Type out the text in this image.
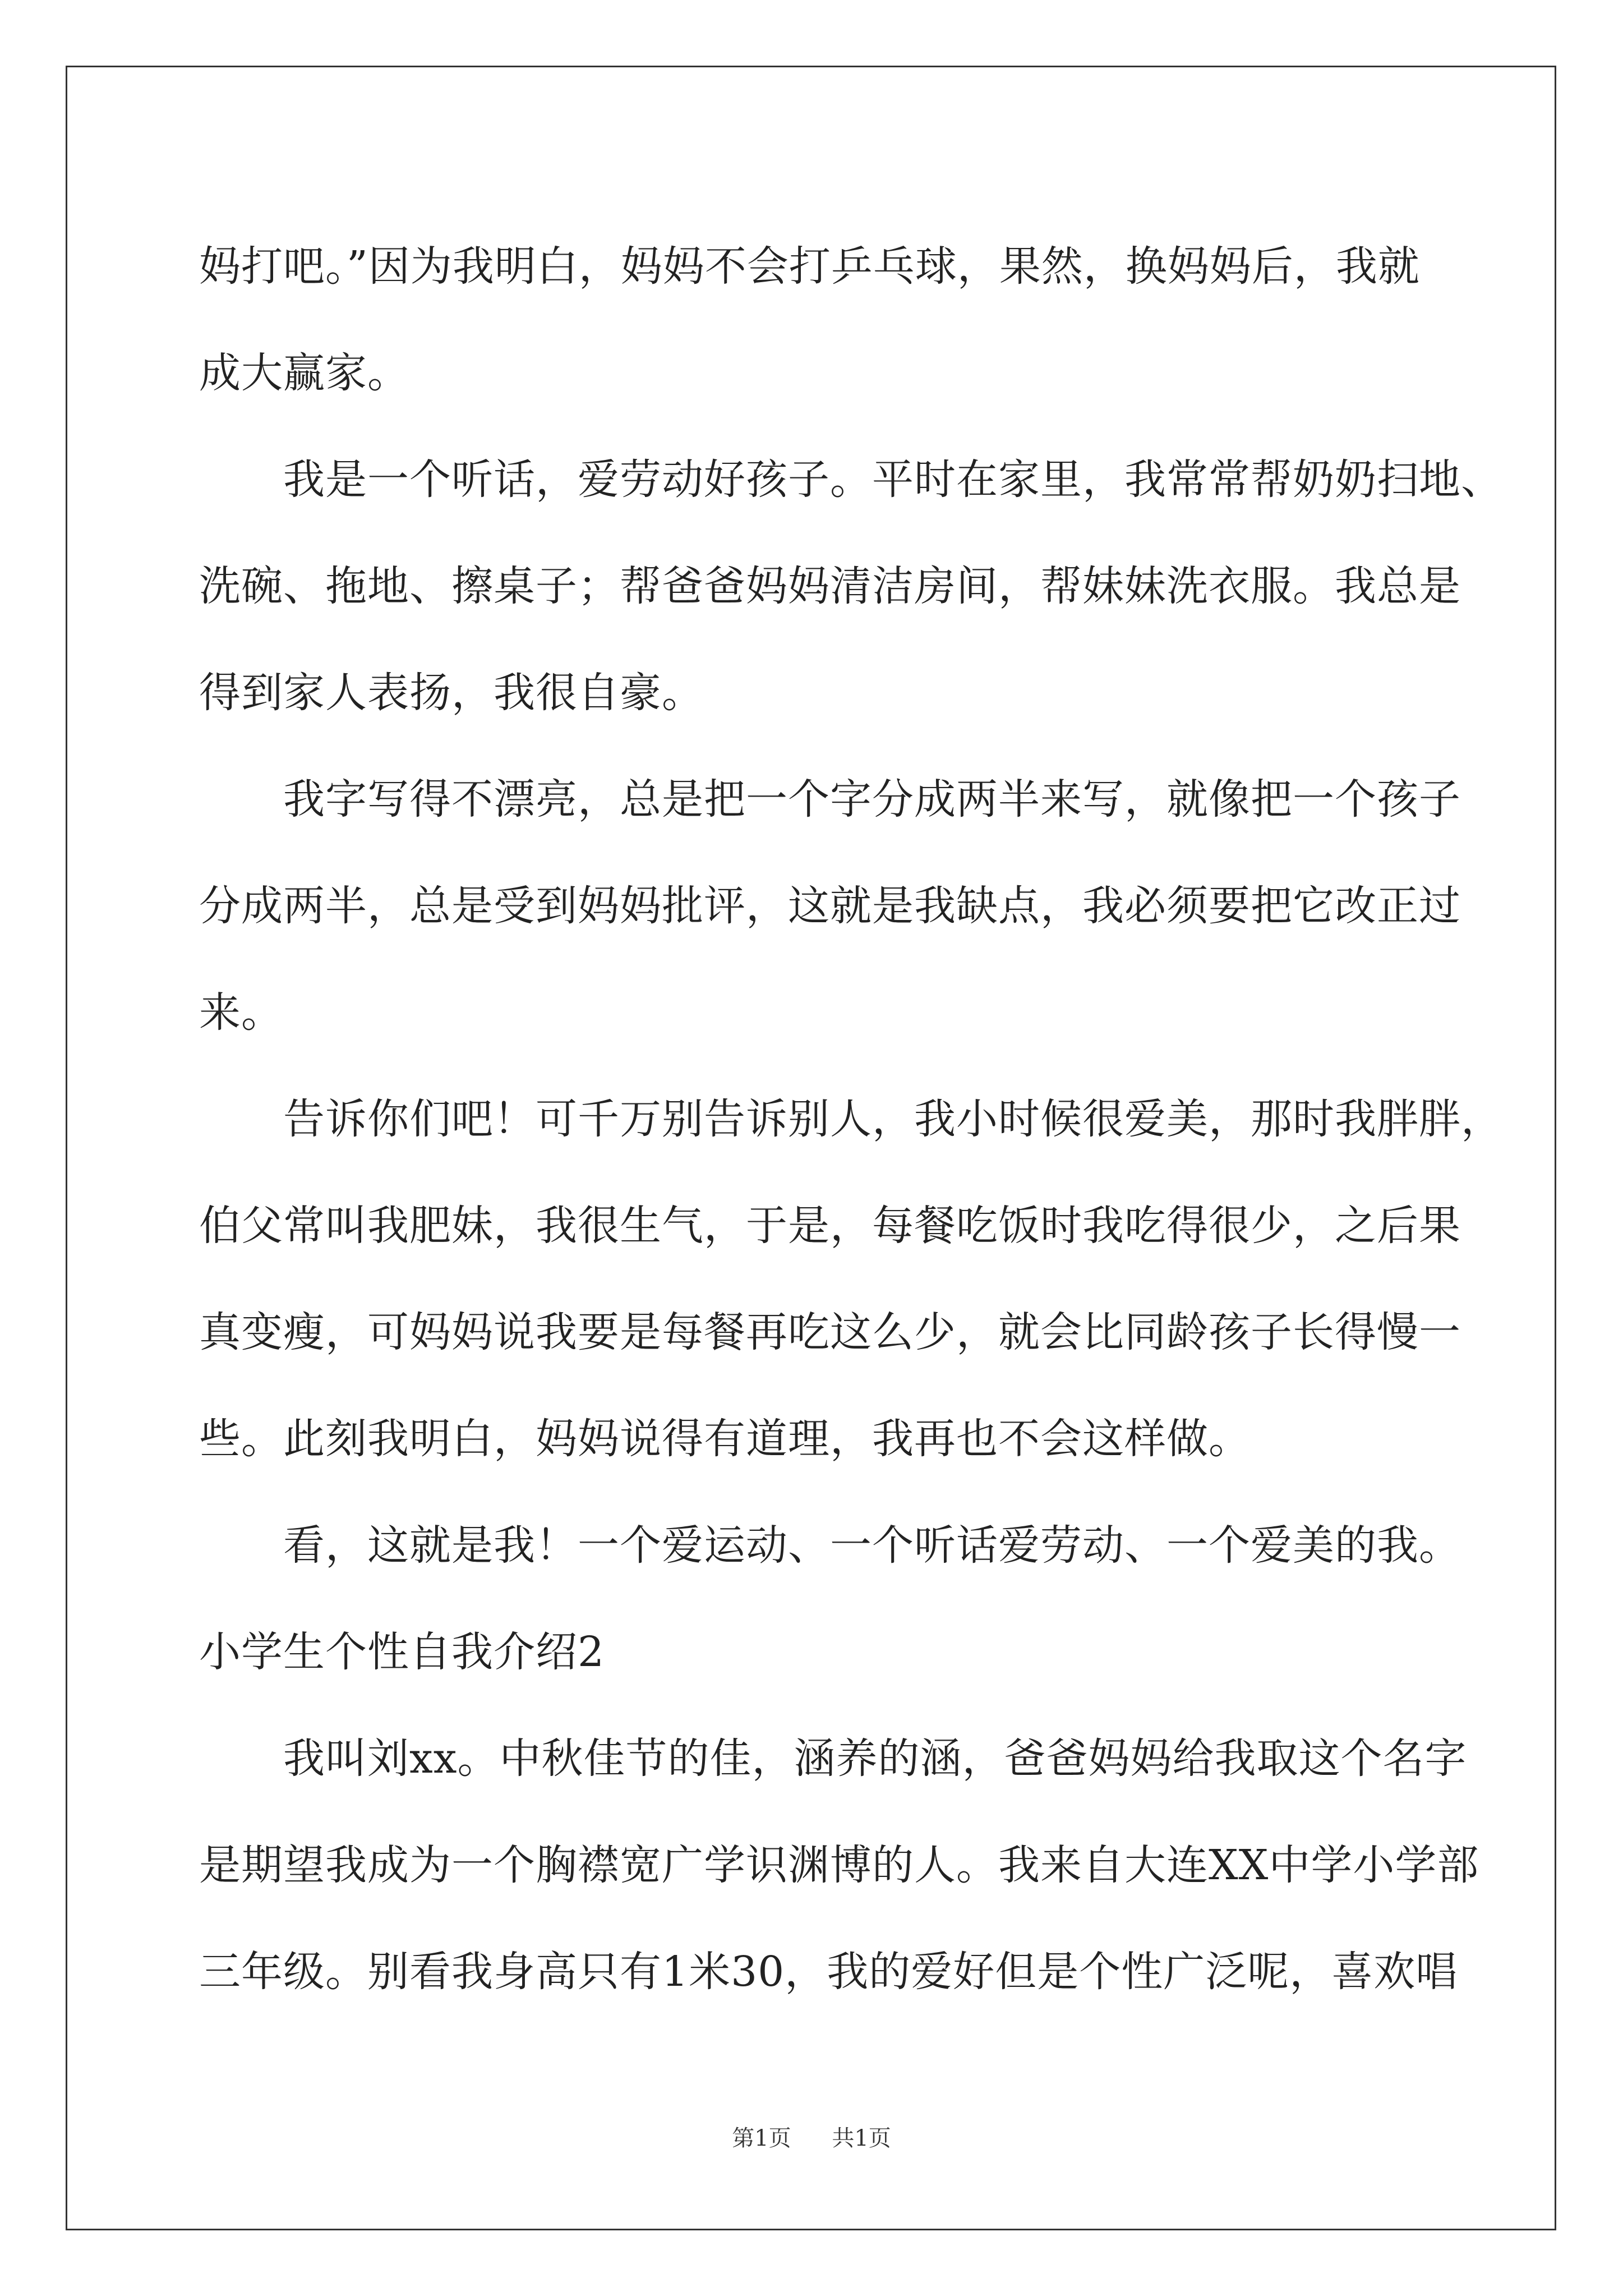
妈打吧。”因为我明白，妈妈不会打乒乓球，果然，换妈妈后，我就
成大赢家。
我是一个听话，爱劳动好孩子。平时在家里，我常常帮奶奶扫地、
洗碗、拖地、擦桌子；帮爸爸妈妈清洁房间，帮妹妹洗衣服。我总是
得到家人表扬，我很自豪。
我字写得不漂亮，总是把一个字分成两半来写，就像把一个孩子
分成两半，总是受到妈妈批评，这就是我缺点，我必须要把它改正过
来。
告诉你们吧！可千万别告诉别人，我小时候很爱美，那时我胖胖，
伯父常叫我肥妹，我很生气，于是，每餐吃饭时我吃得很少，之后果
真变瘦，可妈妈说我要是每餐再吃这么少，就会比同龄孩子长得慢一
些。此刻我明白，妈妈说得有道理，我再也不会这样做。
看，这就是我！一个爱运动、一个听话爱劳动、一个爱美的我。
小学生个性自我介绍2
我叫刘xx。中秋佳节的佳，涵养的涵，爸爸妈妈给我取这个名字
是期望我成为一个胸襟宽广学识渊博的人。我来自大连XX中学小学部
三年级。别看我身高只有1米30，我的爱好但是个性广泛呢，喜欢唱
第1页 共1页
